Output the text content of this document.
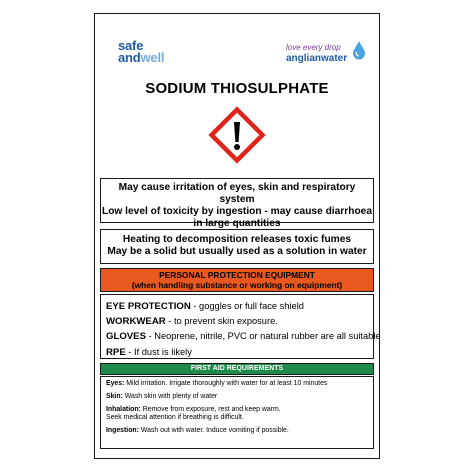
safe
andwell
love every drop
anglianwater
SODIUM THIOSULPHATE
May cause irritation of eyes, skin and respiratory system
Low level of toxicity by ingestion - may cause diarrhoea
in large quantities
Heating to decomposition releases toxic fumes
May be a solid but usually used as a solution in water
PERSONAL PROTECTION EQUIPMENT
(when handling substance or working on equipment)
EYE PROTECTION - goggles or full face shield
WORKWEAR - to prevent skin exposure.
GLOVES - Neoprene, nitrile, PVC or natural rubber are all suitable
RPE - If dust is likely
FIRST AID REQUIREMENTS
Eyes: Mild irritation. Irrigate thoroughly with water for at least 10 minutes
Skin: Wash skin with plenty of water
Inhalation: Remove from exposure, rest and keep warm.
Seek medical attention if breathing is difficult.
Ingestion: Wash out with water. Induce vomiting if possible.
